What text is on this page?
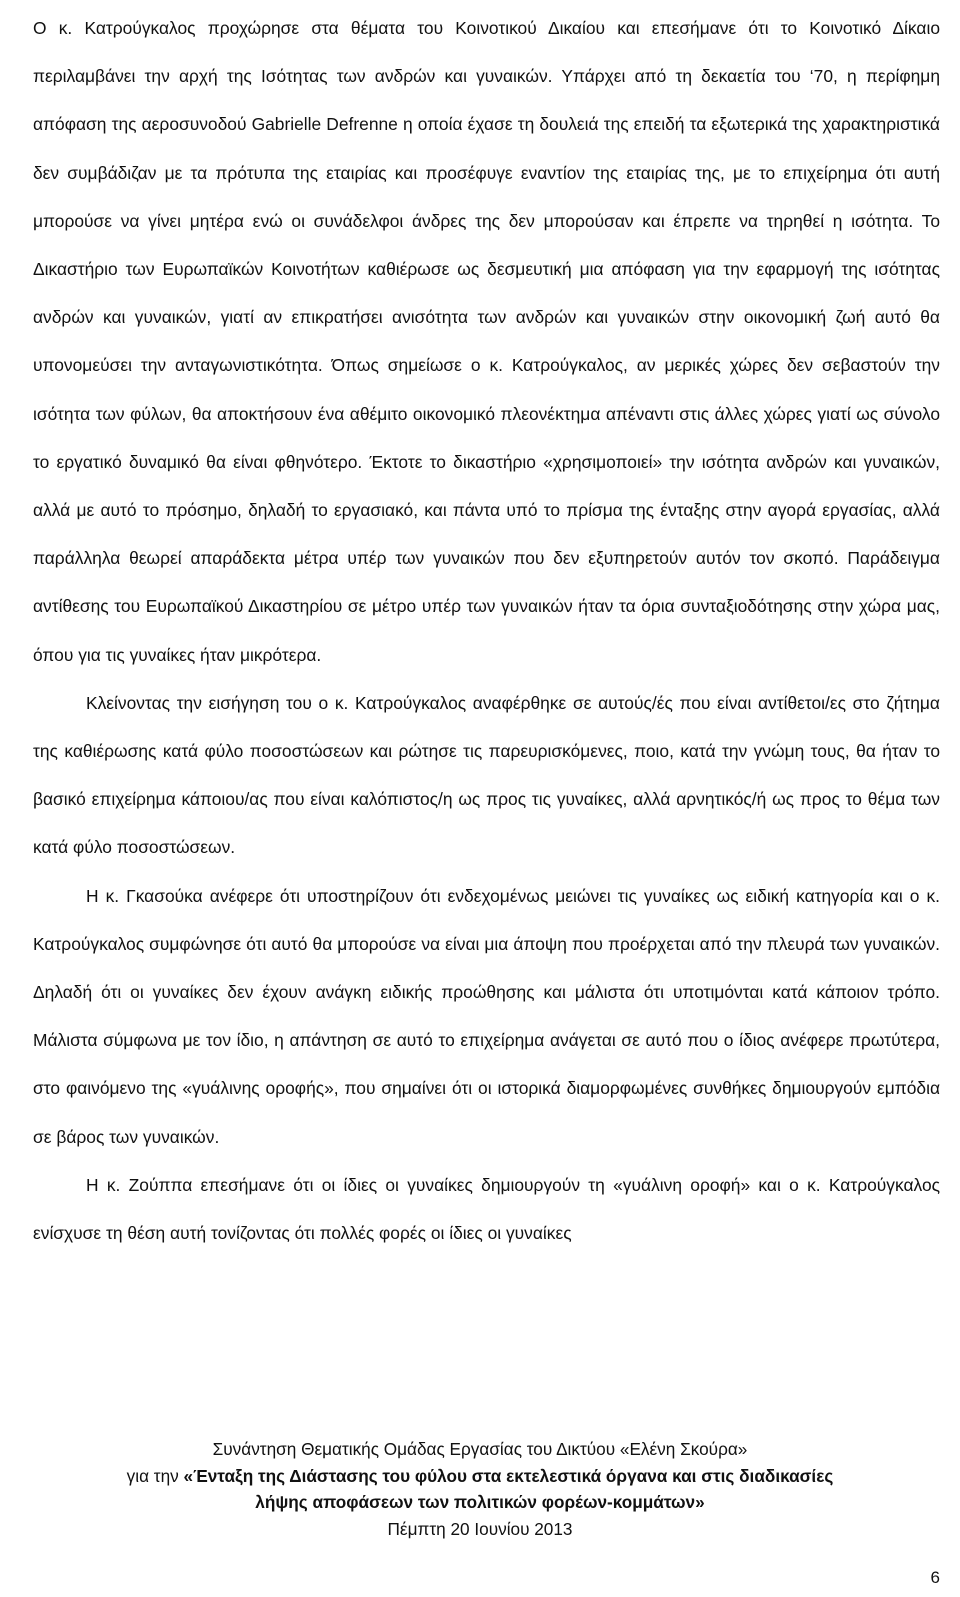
Ο κ. Κατρούγκαλος προχώρησε στα θέματα του Κοινοτικού Δικαίου και επεσήμανε ότι το Κοινοτικό Δίκαιο περιλαμβάνει την αρχή της Ισότητας των ανδρών και γυναικών. Υπάρχει από τη δεκαετία του ‘70, η περίφημη απόφαση της αεροσυνοδού Gabrielle Defrenne η οποία έχασε τη δουλειά της επειδή τα εξωτερικά της χαρακτηριστικά δεν συμβάδιζαν με τα πρότυπα της εταιρίας και προσέφυγε εναντίον της εταιρίας της, με το επιχείρημα ότι αυτή μπορούσε να γίνει μητέρα ενώ οι συνάδελφοι άνδρες της δεν μπορούσαν και έπρεπε να τηρηθεί η ισότητα. Το Δικαστήριο των Ευρωπαϊκών Κοινοτήτων καθιέρωσε ως δεσμευτική μια απόφαση για την εφαρμογή της ισότητας ανδρών και γυναικών, γιατί αν επικρατήσει ανισότητα των ανδρών και γυναικών στην οικονομική ζωή αυτό θα υπονομεύσει την ανταγωνιστικότητα. Όπως σημείωσε ο κ. Κατρούγκαλος, αν μερικές χώρες δεν σεβαστούν την ισότητα των φύλων, θα αποκτήσουν ένα αθέμιτο οικονομικό πλεονέκτημα απέναντι στις άλλες χώρες γιατί ως σύνολο το εργατικό δυναμικό θα είναι φθηνότερο. Έκτοτε το δικαστήριο «χρησιμοποιεί» την ισότητα ανδρών και γυναικών, αλλά με αυτό το πρόσημο, δηλαδή το εργασιακό, και πάντα υπό το πρίσμα της ένταξης στην αγορά εργασίας, αλλά παράλληλα θεωρεί απαράδεκτα μέτρα υπέρ των γυναικών που δεν εξυπηρετούν αυτόν τον σκοπό. Παράδειγμα αντίθεσης του Ευρωπαϊκού Δικαστηρίου σε μέτρο υπέρ των γυναικών ήταν τα όρια συνταξιοδότησης στην χώρα μας, όπου για τις γυναίκες ήταν μικρότερα.

Κλείνοντας την εισήγηση του ο κ. Κατρούγκαλος αναφέρθηκε σε αυτούς/ές που είναι αντίθετοι/ες στο ζήτημα της καθιέρωσης κατά φύλο ποσοστώσεων και ρώτησε τις παρευρισκόμενες, ποιο, κατά την γνώμη τους, θα ήταν το βασικό επιχείρημα κάποιου/ας που είναι καλόπιστος/η ως προς τις γυναίκες, αλλά αρνητικός/ή ως προς το θέμα των κατά φύλο ποσοστώσεων.

Η κ. Γκασούκα ανέφερε ότι υποστηρίζουν ότι ενδεχομένως μειώνει τις γυναίκες ως ειδική κατηγορία και ο κ. Κατρούγκαλος συμφώνησε ότι αυτό θα μπορούσε να είναι μια άποψη που προέρχεται από την πλευρά των γυναικών. Δηλαδή ότι οι γυναίκες δεν έχουν ανάγκη ειδικής προώθησης και μάλιστα ότι υποτιμόνται κατά κάποιον τρόπο. Μάλιστα σύμφωνα με τον ίδιο, η απάντηση σε αυτό το επιχείρημα ανάγεται σε αυτό που ο ίδιος ανέφερε πρωτύτερα, στο φαινόμενο της «γυάλινης οροφής», που σημαίνει ότι οι ιστορικά διαμορφωμένες συνθήκες δημιουργούν εμπόδια σε βάρος των γυναικών.

Η κ. Ζούππα επεσήμανε ότι οι ίδιες οι γυναίκες δημιουργούν τη «γυάλινη οροφή» και ο κ. Κατρούγκαλος ενίσχυσε τη θέση αυτή τονίζοντας ότι πολλές φορές οι ίδιες οι γυναίκες

Συνάντηση Θεματικής Ομάδας Εργασίας του Δικτύου «Ελένη Σκούρα»
για την «Ένταξη της Διάστασης του φύλου στα εκτελεστικά όργανα και στις διαδικασίες
λήψης αποφάσεων των πολιτικών φορέων-κομμάτων»
Πέμπτη 20 Ιουνίου 2013
6
